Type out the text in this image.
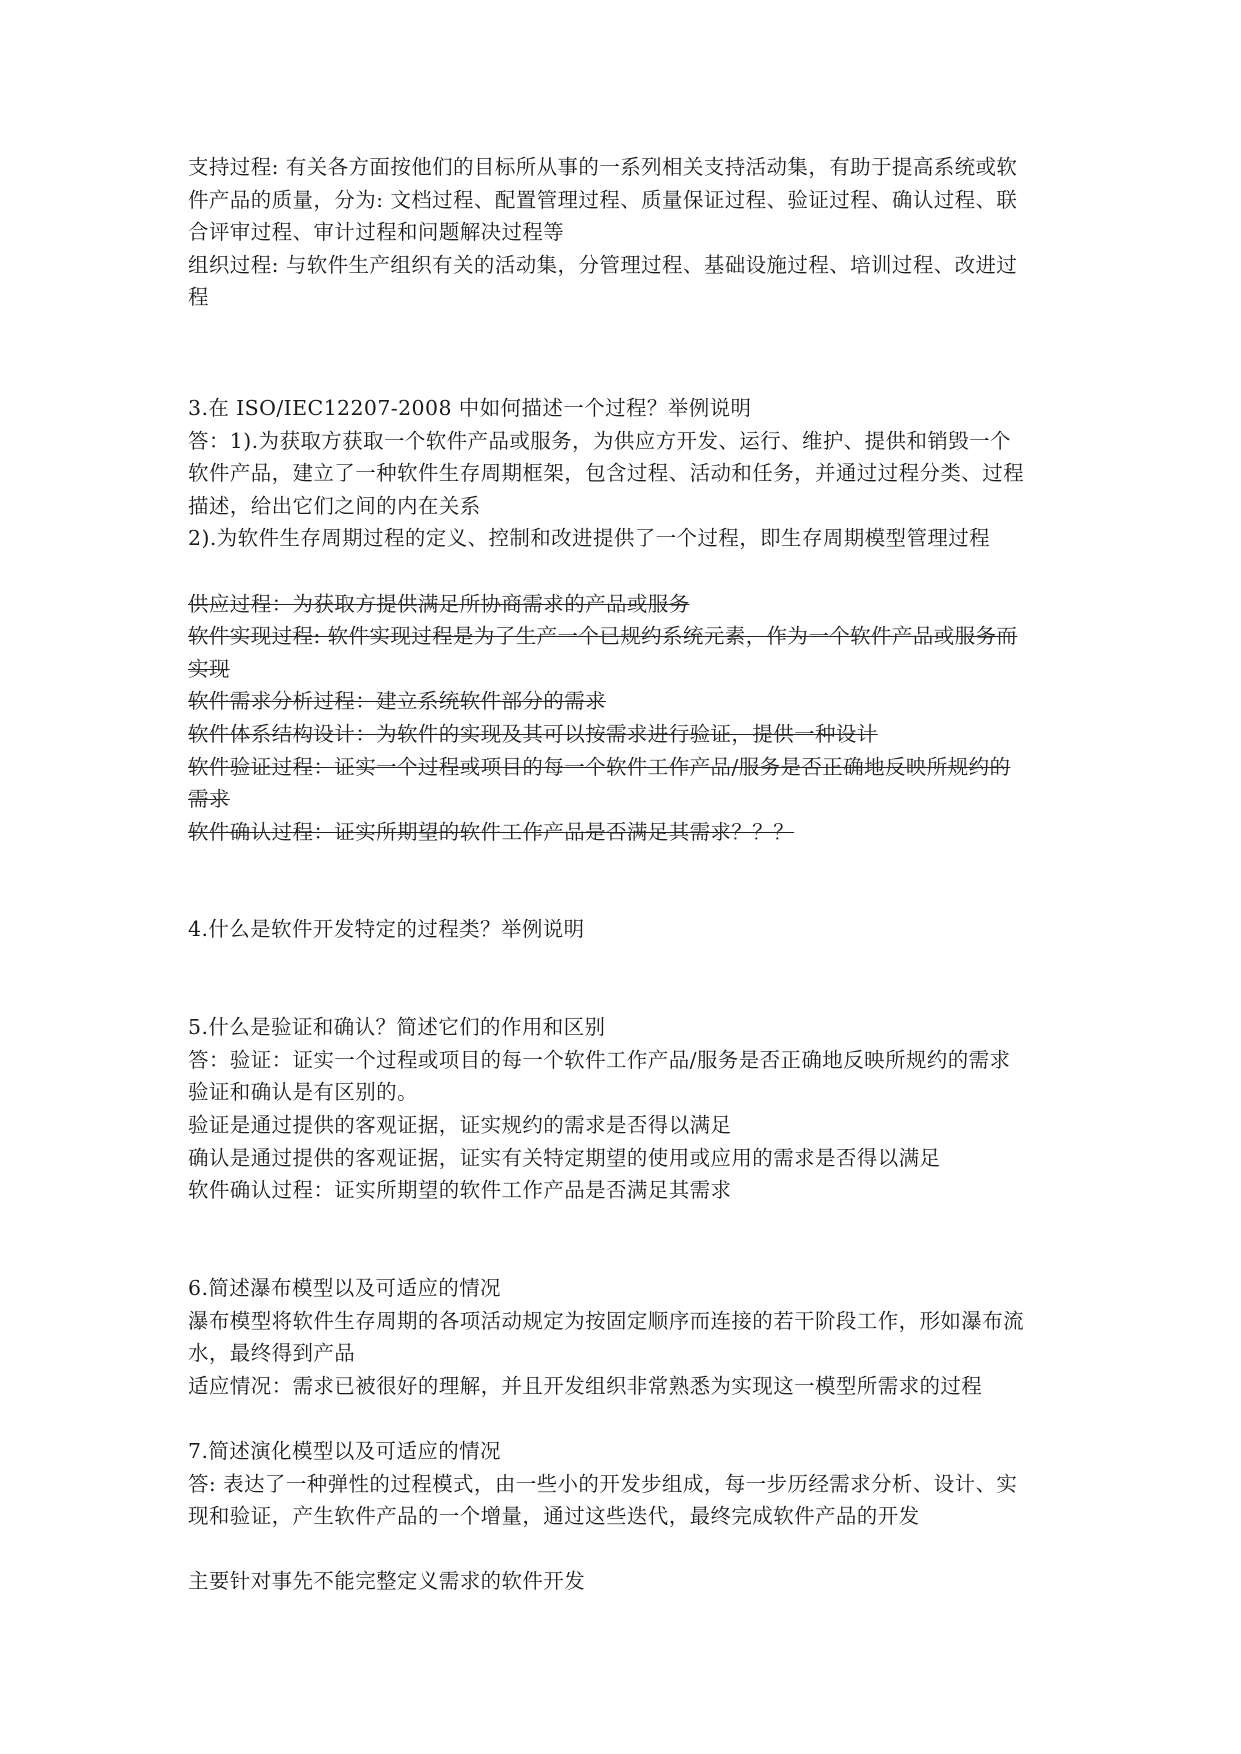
支持过程: 有关各方面按他们的目标所从事的一系列相关支持活动集，有助于提高系统或软
件产品的质量，分为: 文档过程、配置管理过程、质量保证过程、验证过程、确认过程、联
合评审过程、审计过程和问题解决过程等
组织过程: 与软件生产组织有关的活动集，分管理过程、基础设施过程、培训过程、改进过
程
3.在 ISO/IEC12207-2008 中如何描述一个过程？举例说明
答：1).为获取方获取一个软件产品或服务，为供应方开发、运行、维护、提供和销毁一个
软件产品，建立了一种软件生存周期框架，包含过程、活动和任务，并通过过程分类、过程
描述，给出它们之间的内在关系
2).为软件生存周期过程的定义、控制和改进提供了一个过程，即生存周期模型管理过程
供应过程：为获取方提供满足所协商需求的产品或服务
软件实现过程: 软件实现过程是为了生产一个已规约系统元素，作为一个软件产品或服务而
实现
软件需求分析过程：建立系统软件部分的需求
软件体系结构设计：为软件的实现及其可以按需求进行验证，提供一种设计
软件验证过程：证实一个过程或项目的每一个软件工作产品/服务是否正确地反映所规约的
需求
软件确认过程：证实所期望的软件工作产品是否满足其需求？？？
4.什么是软件开发特定的过程类？举例说明
5.什么是验证和确认？简述它们的作用和区别
答：验证：证实一个过程或项目的每一个软件工作产品/服务是否正确地反映所规约的需求
验证和确认是有区别的。
验证是通过提供的客观证据，证实规约的需求是否得以满足
确认是通过提供的客观证据，证实有关特定期望的使用或应用的需求是否得以满足
软件确认过程：证实所期望的软件工作产品是否满足其需求
6.简述瀑布模型以及可适应的情况
瀑布模型将软件生存周期的各项活动规定为按固定顺序而连接的若干阶段工作，形如瀑布流
水，最终得到产品
适应情况：需求已被很好的理解，并且开发组织非常熟悉为实现这一模型所需求的过程
7.简述演化模型以及可适应的情况
答: 表达了一种弹性的过程模式，由一些小的开发步组成，每一步历经需求分析、设计、实
现和验证，产生软件产品的一个增量，通过这些迭代，最终完成软件产品的开发
主要针对事先不能完整定义需求的软件开发
